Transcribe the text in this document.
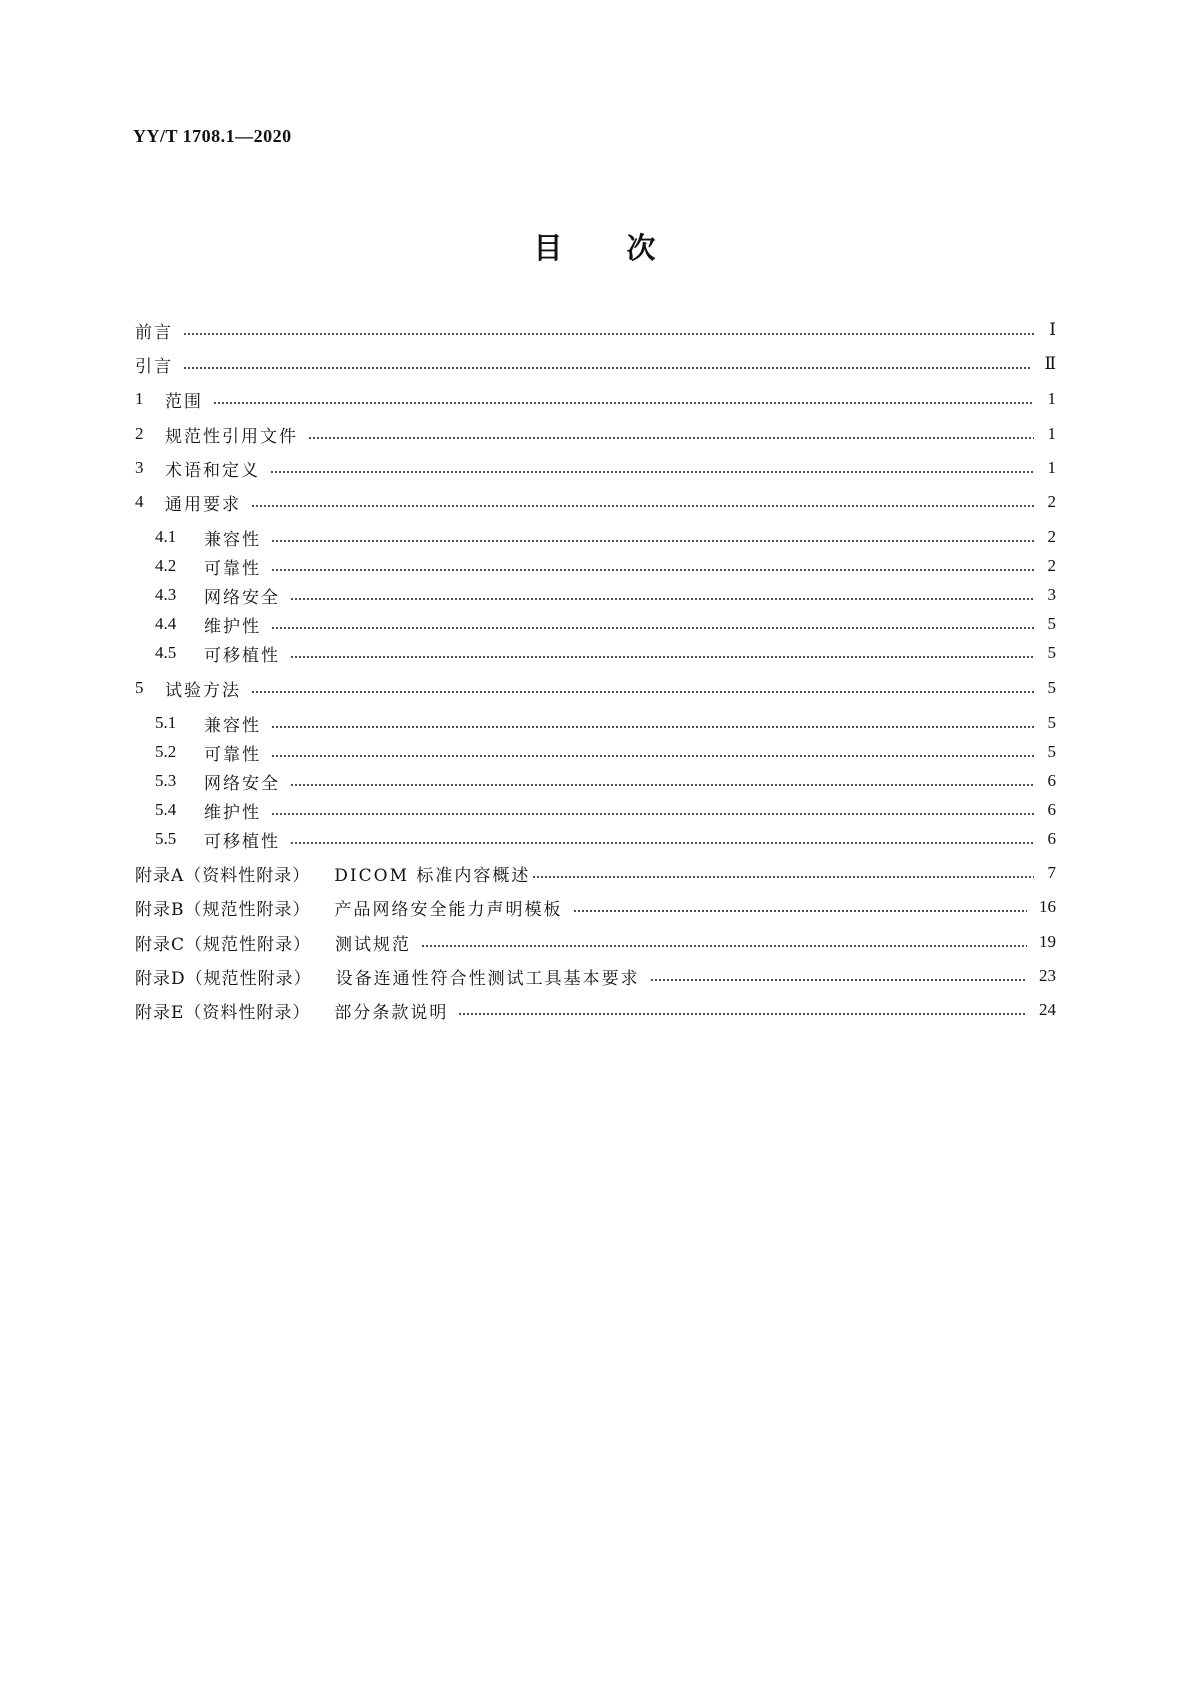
YY/T 1708.1—2020
目 次
前言	Ⅰ
引言	Ⅱ
1	范围	1
2	规范性引用文件	1
3	术语和定义	1
4	通用要求	2
4.1	兼容性	2
4.2	可靠性	2
4.3	网络安全	3
4.4	维护性	5
4.5	可移植性	5
5	试验方法	5
5.1	兼容性	5
5.2	可靠性	5
5.3	网络安全	6
5.4	维护性	6
5.5	可移植性	6
附录A（资料性附录） DICOM 标准内容概述	7
附录B（规范性附录） 产品网络安全能力声明模板	16
附录C（规范性附录） 测试规范	19
附录D（规范性附录） 设备连通性符合性测试工具基本要求	23
附录E（资料性附录） 部分条款说明	24
